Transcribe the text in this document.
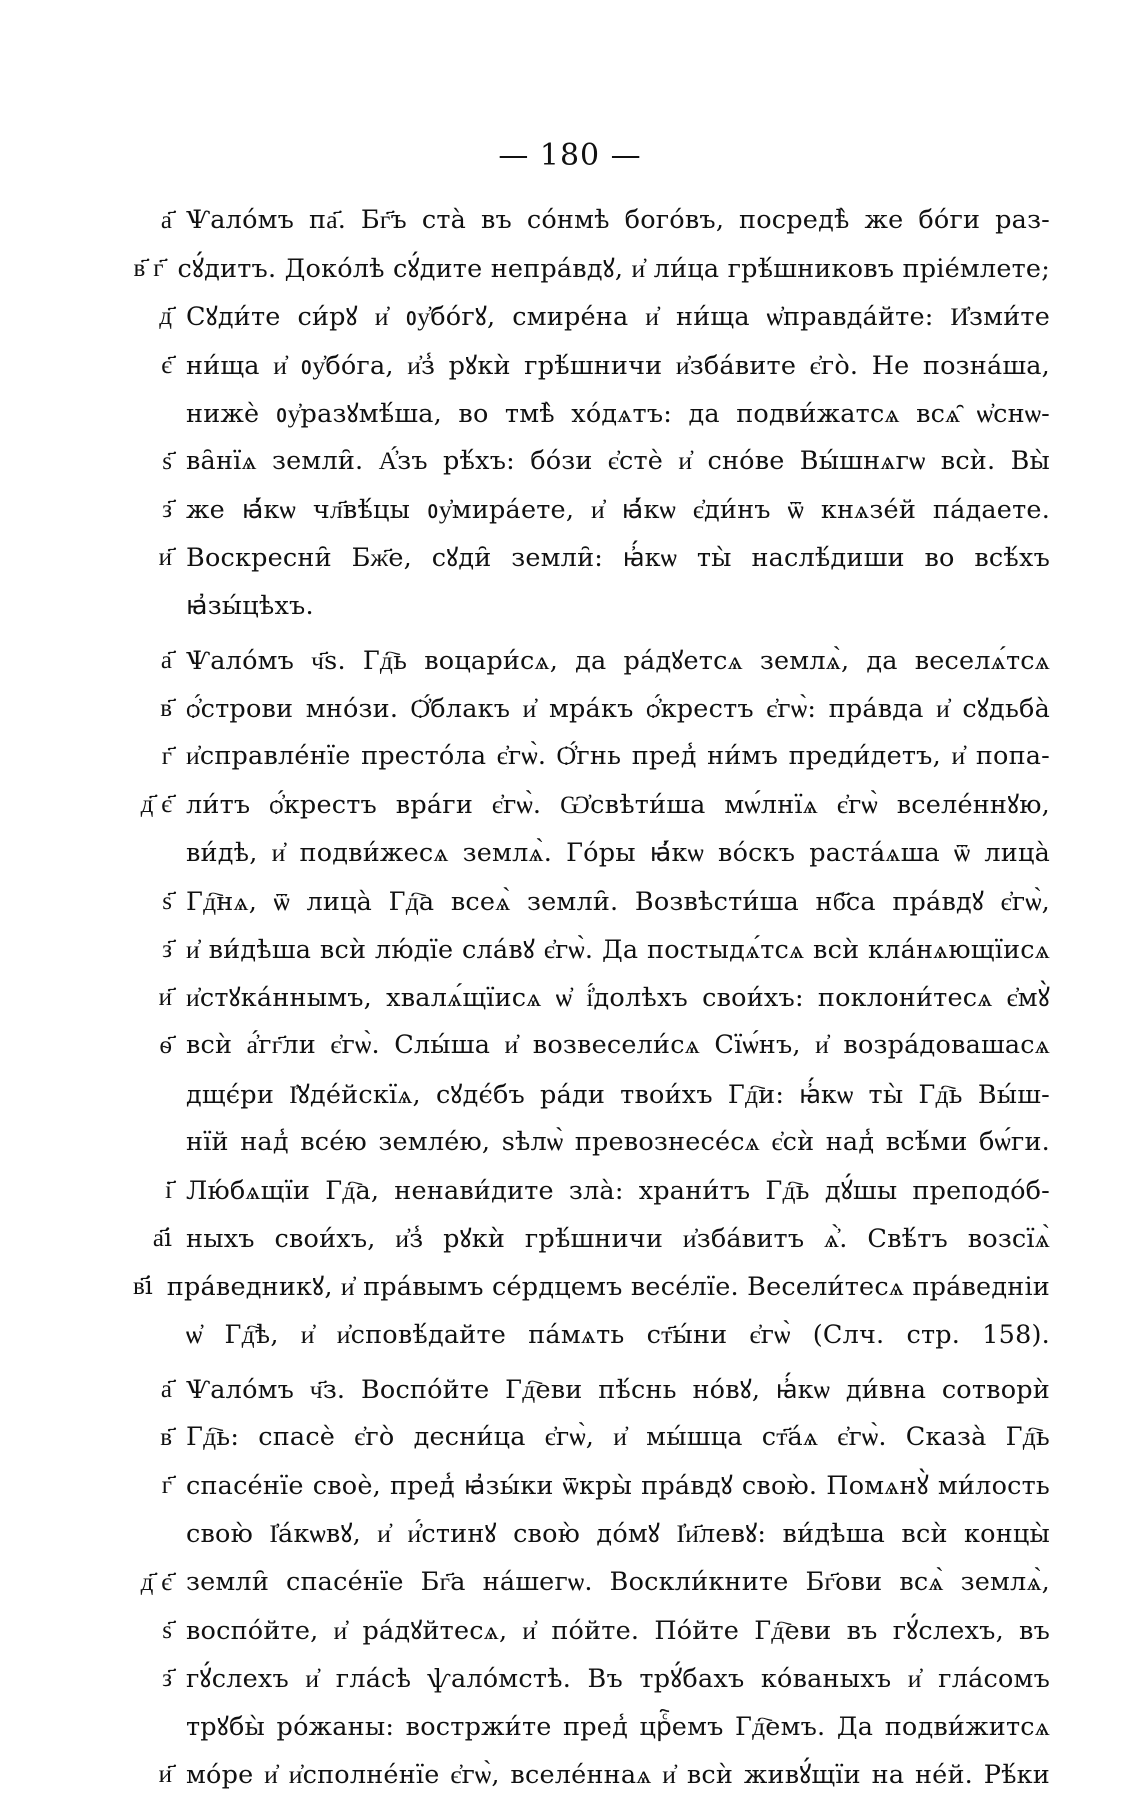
— 180 —
а҃ Ѱало́мъ па҃. Бг҃ъ ста̀ въ со́нмѣ бого́въ, посредѣ̀ же бо́ги раз-
в҃ г҃ сꙋ́дитъ. Доко́лѣ сꙋ́дите непра́вдꙋ, и҆ ли́ца грѣ́шниковъ пріе́млете;
д҃ Сꙋди́те си́рꙋ и҆ ᲂу҆бо́гꙋ, смире́на и҆ ни́ща ѡ҆правда́йте: И҆зми́те
є҃ ни́ща и҆ ᲂу҆бо́га, и҆з̾ рꙋкѝ грѣ́шничи и҆зба́вите є҆го̀. Не позна́ша,
нижѐ ᲂу҆разꙋмѣ́ша, во тмѣ̀ хо́дѧтъ: да подви́жатсѧ всѧ̑ ѡ҆снѡ-
ѕ҃ ва̑нїѧ земли̑. А҆́зъ рѣ́хъ: бо́зи є҆стѐ и҆ сно́ве Вы́шнѧгѡ всѝ. Вы̀
з҃ же ꙗ҆́кѡ чл҃вѣ́цы ᲂу҆мира́ете, и҆ ꙗ҆́кѡ є҆ди́нъ ѿ кнѧзе́й па́даете.
и҃ Воскресни̑ Бж҃е, сꙋди̑ земли̑: ꙗ҆́кѡ ты̀ наслѣ́диши во всѣ́хъ
ꙗ҆зы́цѣхъ.
а҃ Ѱало́мъ ч҃ѕ. Гд҇ь воцари́сѧ, да ра́дꙋетсѧ землѧ̀, да веселѧ́тсѧ
в҃ ѻ҆́строви мно́зи. Ѻ҆́блакъ и҆ мра́къ ѻ҆́крестъ є҆гѡ̀: пра́вда и҆ сꙋдьба̀
г҃ и҆справле́нїе престо́ла є҆гѡ̀. Ѻ҆́гнь пред̾ ни́мъ преди́детъ, и҆ попа-
д҃ є҃ ли́тъ ѻ҆́крестъ вра́ги є҆гѡ̀. Ѡ҆свѣти́ша мѡ́лнїѧ є҆гѡ̀ вселе́ннꙋю,
ви́дѣ, и҆ подви́жесѧ землѧ̀. Го́ры ꙗ҆́кѡ во́скъ раста́ѧша ѿ лица̀
ѕ҃ Гд҇нѧ, ѿ лица̀ Гд҇а всеѧ̀ земли̑. Возвѣсти́ша нб҃са пра́вдꙋ є҆гѡ̀,
з҃ и҆ ви́дѣша всѝ лю́дїе сла́вꙋ є҆гѡ̀. Да постыдѧ́тсѧ всѝ кла́нѧющїисѧ
и҃ и҆стꙋка́ннымъ, хвалѧ́щїисѧ ѡ҆ і҆́долѣхъ свои́хъ: поклони́тесѧ є҆мꙋ̀
ѳ҃ всѝ а҆́гг҃ли є҆гѡ̀. Слы́ша и҆ возвесели́сѧ Сїѡ́нъ, и҆ возра́довашасѧ
дщє́ри І҆ꙋде́йскїѧ, сꙋдє́бъ ра́ди твои́хъ Гд҇и: ꙗ҆́кѡ ты̀ Гд҇ь Вы́ш-
нїй над̾ все́ю земле́ю, ѕѣлѡ̀ превознесе́сѧ є҆сѝ над̾ всѣ́ми бѡ́ги.
і҃ Лю́бѧщїи Гд҇а, ненави́дите зла̀: храни́тъ Гд҇ь дꙋ́шы преподо́б-
а҃і ныхъ свои́хъ, и҆з̾ рꙋкѝ грѣ́шничи и҆зба́витъ ѧ҆̀. Свѣ́тъ возсїѧ̀
в҃і пра́ведникꙋ, и҆ пра́вымъ се́рдцемъ весе́лїе. Весели́тесѧ пра́ведніи
ѡ҆ Гд҇ѣ, и҆ и҆сповѣ́дайте па́мѧть ст҃ы́ни є҆гѡ̀ (Слч. стр. 158).
а҃ Ѱало́мъ ч҃з. Воспо́йте Гд҇еви пѣ́снь но́вꙋ, ꙗ҆́кѡ ди́вна сотворѝ
в҃ Гд҇ь: спасѐ є҆го̀ десни́ца є҆гѡ̀, и҆ мы́шца ст҃а́ѧ є҆гѡ̀. Сказа̀ Гд҇ь
г҃ спасе́нїе своѐ, пред̾ ꙗ҆зы́ки ѿкры̀ пра́вдꙋ свою̀. Помѧнꙋ̀ ми́лость
свою̀ І҆а́кѡвꙋ, и҆ и҆́стинꙋ свою̀ до́мꙋ І҆и҃левꙋ: ви́дѣша всѝ концы̀
д҃ є҃ земли̑ спасе́нїе Бг҃а на́шегѡ. Воскли́кните Бг҃ови всѧ̀ землѧ̀,
ѕ҃ воспо́йте, и҆ ра́дꙋйтесѧ, и҆ по́йте. По́йте Гд҇еви въ гꙋ́слехъ, въ
з҃ гꙋ́слехъ и҆ гла́сѣ ѱало́мстѣ. Въ трꙋ́бахъ ко́ваныхъ и҆ гла́сомъ
трꙋбы̀ ро́жаны: востржи́те пред̾ црⷭ҇емъ Гд҇емъ. Да подви́житсѧ
и҃ мо́ре и҆ и҆сполне́нїе є҆гѡ̀, вселе́ннаѧ и҆ всѝ живꙋ́щїи на не́й. Рѣ́ки
